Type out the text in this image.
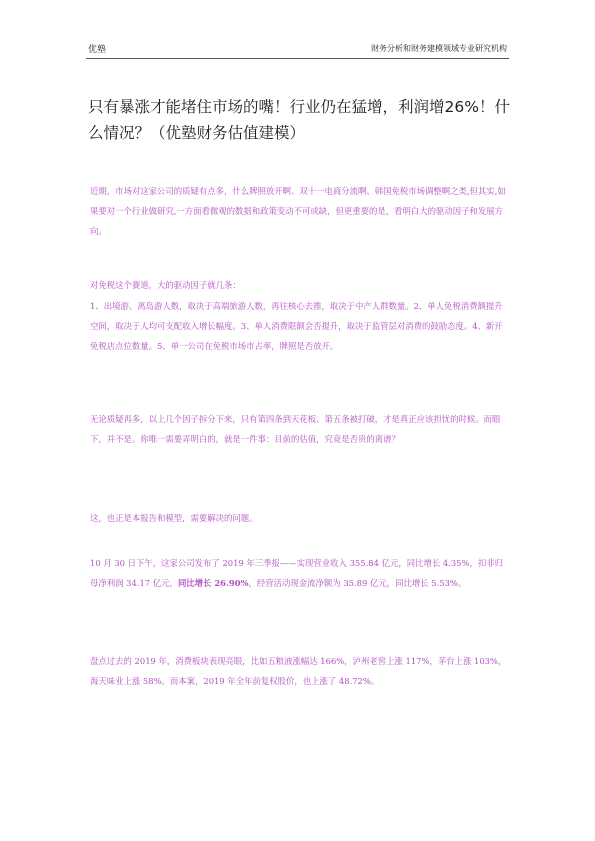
优塾	财务分析和财务建模领域专业研究机构
只有暴涨才能堵住市场的嘴！行业仍在猛增，利润增26%！什么情况？（优塾财务估值建模）
近期，市场对这家公司的质疑有点多，什么牌照放开啊、双十一电商分流啊、韩国免税市场调整啊之类,但其实,如果要对一个行业做研究,一方面看微观的数据和政策变动不可或缺，但更重要的是，看明白大的驱动因子和发展方向。
对免税这个赛道，大的驱动因子就几条：
1、出境游、离岛游人数，取决于高端旅游人数，再往核心去推，取决于中产人群数量。2、单人免税消费额提升空间，取决于人均可支配收入增长幅度。3、单人消费限额会否提升，取决于监管层对消费的鼓励态度。4、新开免税店点位数量。5、单一公司在免税市场市占率，牌照是否放开。
无论质疑再多，以上几个因子拆分下来，只有第四条到天花板、第五条被打破，才是真正应该担忧的时候。而眼下，并不是。你唯一需要弄明白的，就是一件事：目前的估值，究竟是否贵的离谱？
这，也正是本报告和模型，需要解决的问题。
10 月 30 日下午，这家公司发布了 2019 年三季报——实现营业收入 355.84 亿元，同比增长 4.35%，扣非归母净利润 34.17 亿元，同比增长 26.90%，经营活动现金流净额为 35.89 亿元，同比增长 5.53%。
盘点过去的 2019 年，消费板块表现亮眼，比如五粮液涨幅达 166%，泸州老窖上涨 117%，茅台上涨 103%，海天味业上涨 58%。而本案，2019 年全年前复权股价，也上涨了 48.72%。
